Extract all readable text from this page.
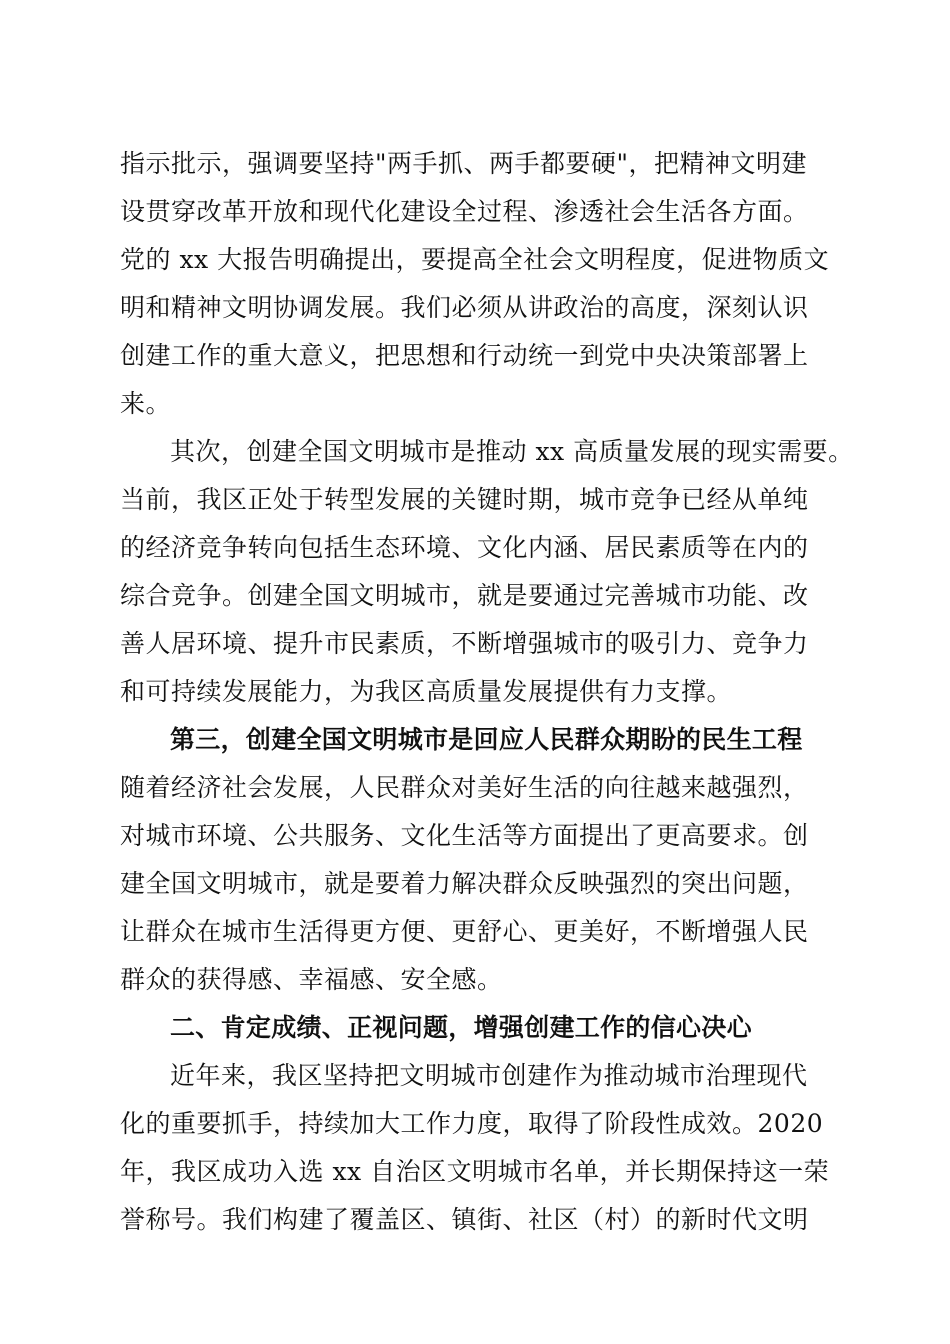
指示批示，强调要坚持"两手抓、两手都要硬"，把精神文明建
设贯穿改革开放和现代化建设全过程、渗透社会生活各方面。
党的 xx 大报告明确提出，要提高全社会文明程度，促进物质文
明和精神文明协调发展。我们必须从讲政治的高度，深刻认识
创建工作的重大意义，把思想和行动统一到党中央决策部署上
来。
其次，创建全国文明城市是推动 xx 高质量发展的现实需要。
当前，我区正处于转型发展的关键时期，城市竞争已经从单纯
的经济竞争转向包括生态环境、文化内涵、居民素质等在内的
综合竞争。创建全国文明城市，就是要通过完善城市功能、改
善人居环境、提升市民素质，不断增强城市的吸引力、竞争力
和可持续发展能力，为我区高质量发展提供有力支撑。
第三，创建全国文明城市是回应人民群众期盼的民生工程
随着经济社会发展，人民群众对美好生活的向往越来越强烈，
对城市环境、公共服务、文化生活等方面提出了更高要求。创
建全国文明城市，就是要着力解决群众反映强烈的突出问题，
让群众在城市生活得更方便、更舒心、更美好，不断增强人民
群众的获得感、幸福感、安全感。
二、肯定成绩、正视问题，增强创建工作的信心决心
近年来，我区坚持把文明城市创建作为推动城市治理现代
化的重要抓手，持续加大工作力度，取得了阶段性成效。2020
年，我区成功入选 xx 自治区文明城市名单，并长期保持这一荣
誉称号。我们构建了覆盖区、镇街、社区（村）的新时代文明
